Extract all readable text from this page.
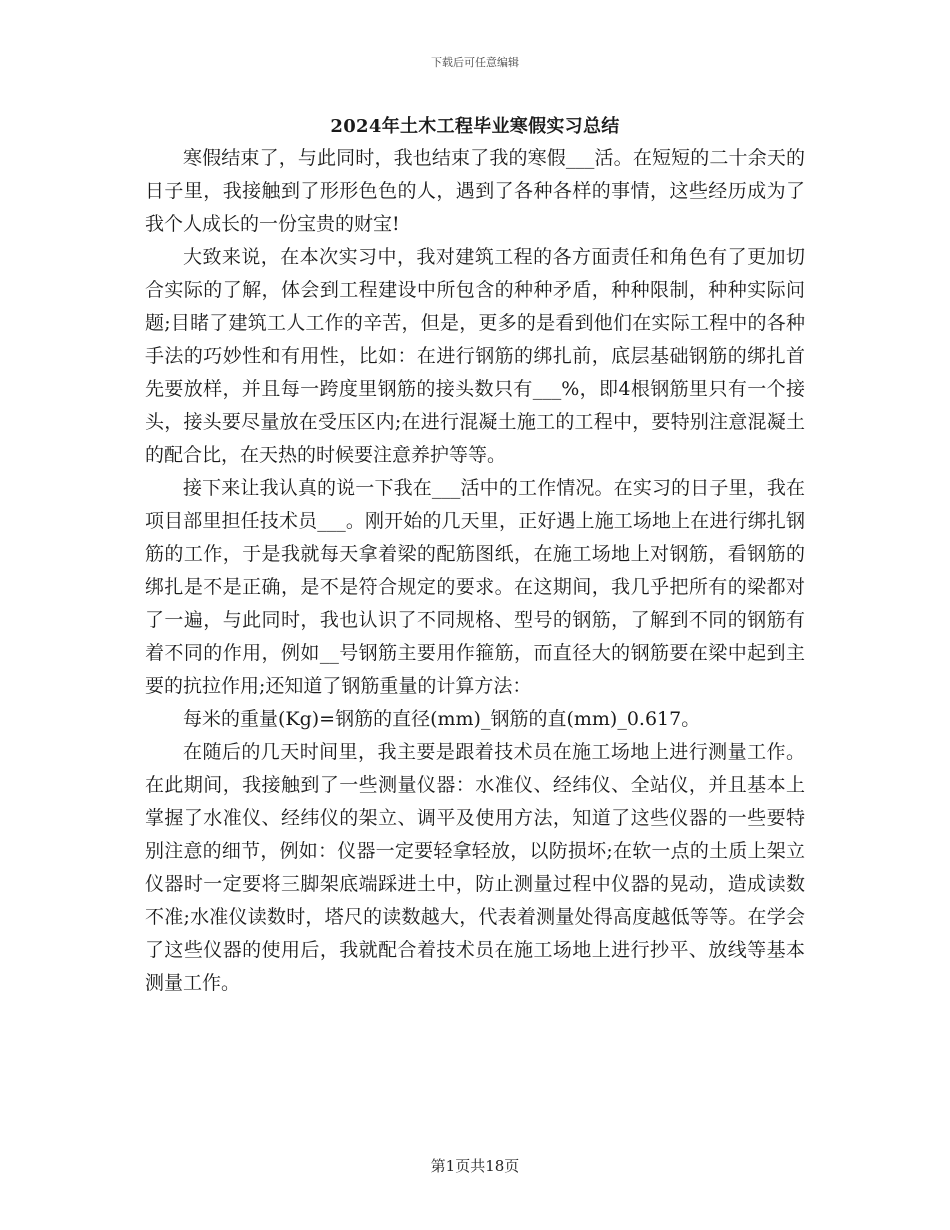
下载后可任意编辑
2024年土木工程毕业寒假实习总结

寒假结束了，与此同时，我也结束了我的寒假___活。在短短的二十余天的日子里，我接触到了形形色色的人，遇到了各种各样的事情，这些经历成为了我个人成长的一份宝贵的财宝!

大致来说，在本次实习中，我对建筑工程的各方面责任和角色有了更加切合实际的了解，体会到工程建设中所包含的种种矛盾，种种限制，种种实际问题;目睹了建筑工人工作的辛苦，但是，更多的是看到他们在实际工程中的各种手法的巧妙性和有用性，比如：在进行钢筋的绑扎前，底层基础钢筋的绑扎首先要放样，并且每一跨度里钢筋的接头数只有___%，即4根钢筋里只有一个接头，接头要尽量放在受压区内;在进行混凝土施工的工程中，要特别注意混凝土的配合比，在天热的时候要注意养护等等。

接下来让我认真的说一下我在___活中的工作情况。在实习的日子里，我在项目部里担任技术员___。刚开始的几天里，正好遇上施工场地上在进行绑扎钢筋的工作，于是我就每天拿着梁的配筋图纸，在施工场地上对钢筋，看钢筋的绑扎是不是正确，是不是符合规定的要求。在这期间，我几乎把所有的梁都对了一遍，与此同时，我也认识了不同规格、型号的钢筋，了解到不同的钢筋有着不同的作用，例如__号钢筋主要用作箍筋，而直径大的钢筋要在梁中起到主要的抗拉作用;还知道了钢筋重量的计算方法：

每米的重量(Kg)=钢筋的直径(mm)_钢筋的直(mm)_0.617。

在随后的几天时间里，我主要是跟着技术员在施工场地上进行测量工作。在此期间，我接触到了一些测量仪器：水准仪、经纬仪、全站仪，并且基本上掌握了水准仪、经纬仪的架立、调平及使用方法，知道了这些仪器的一些要特别注意的细节，例如：仪器一定要轻拿轻放，以防损坏;在软一点的土质上架立仪器时一定要将三脚架底端踩进土中，防止测量过程中仪器的晃动，造成读数不准;水准仪读数时，塔尺的读数越大，代表着测量处得高度越低等等。在学会了这些仪器的使用后，我就配合着技术员在施工场地上进行抄平、放线等基本测量工作。

第1页共18页
